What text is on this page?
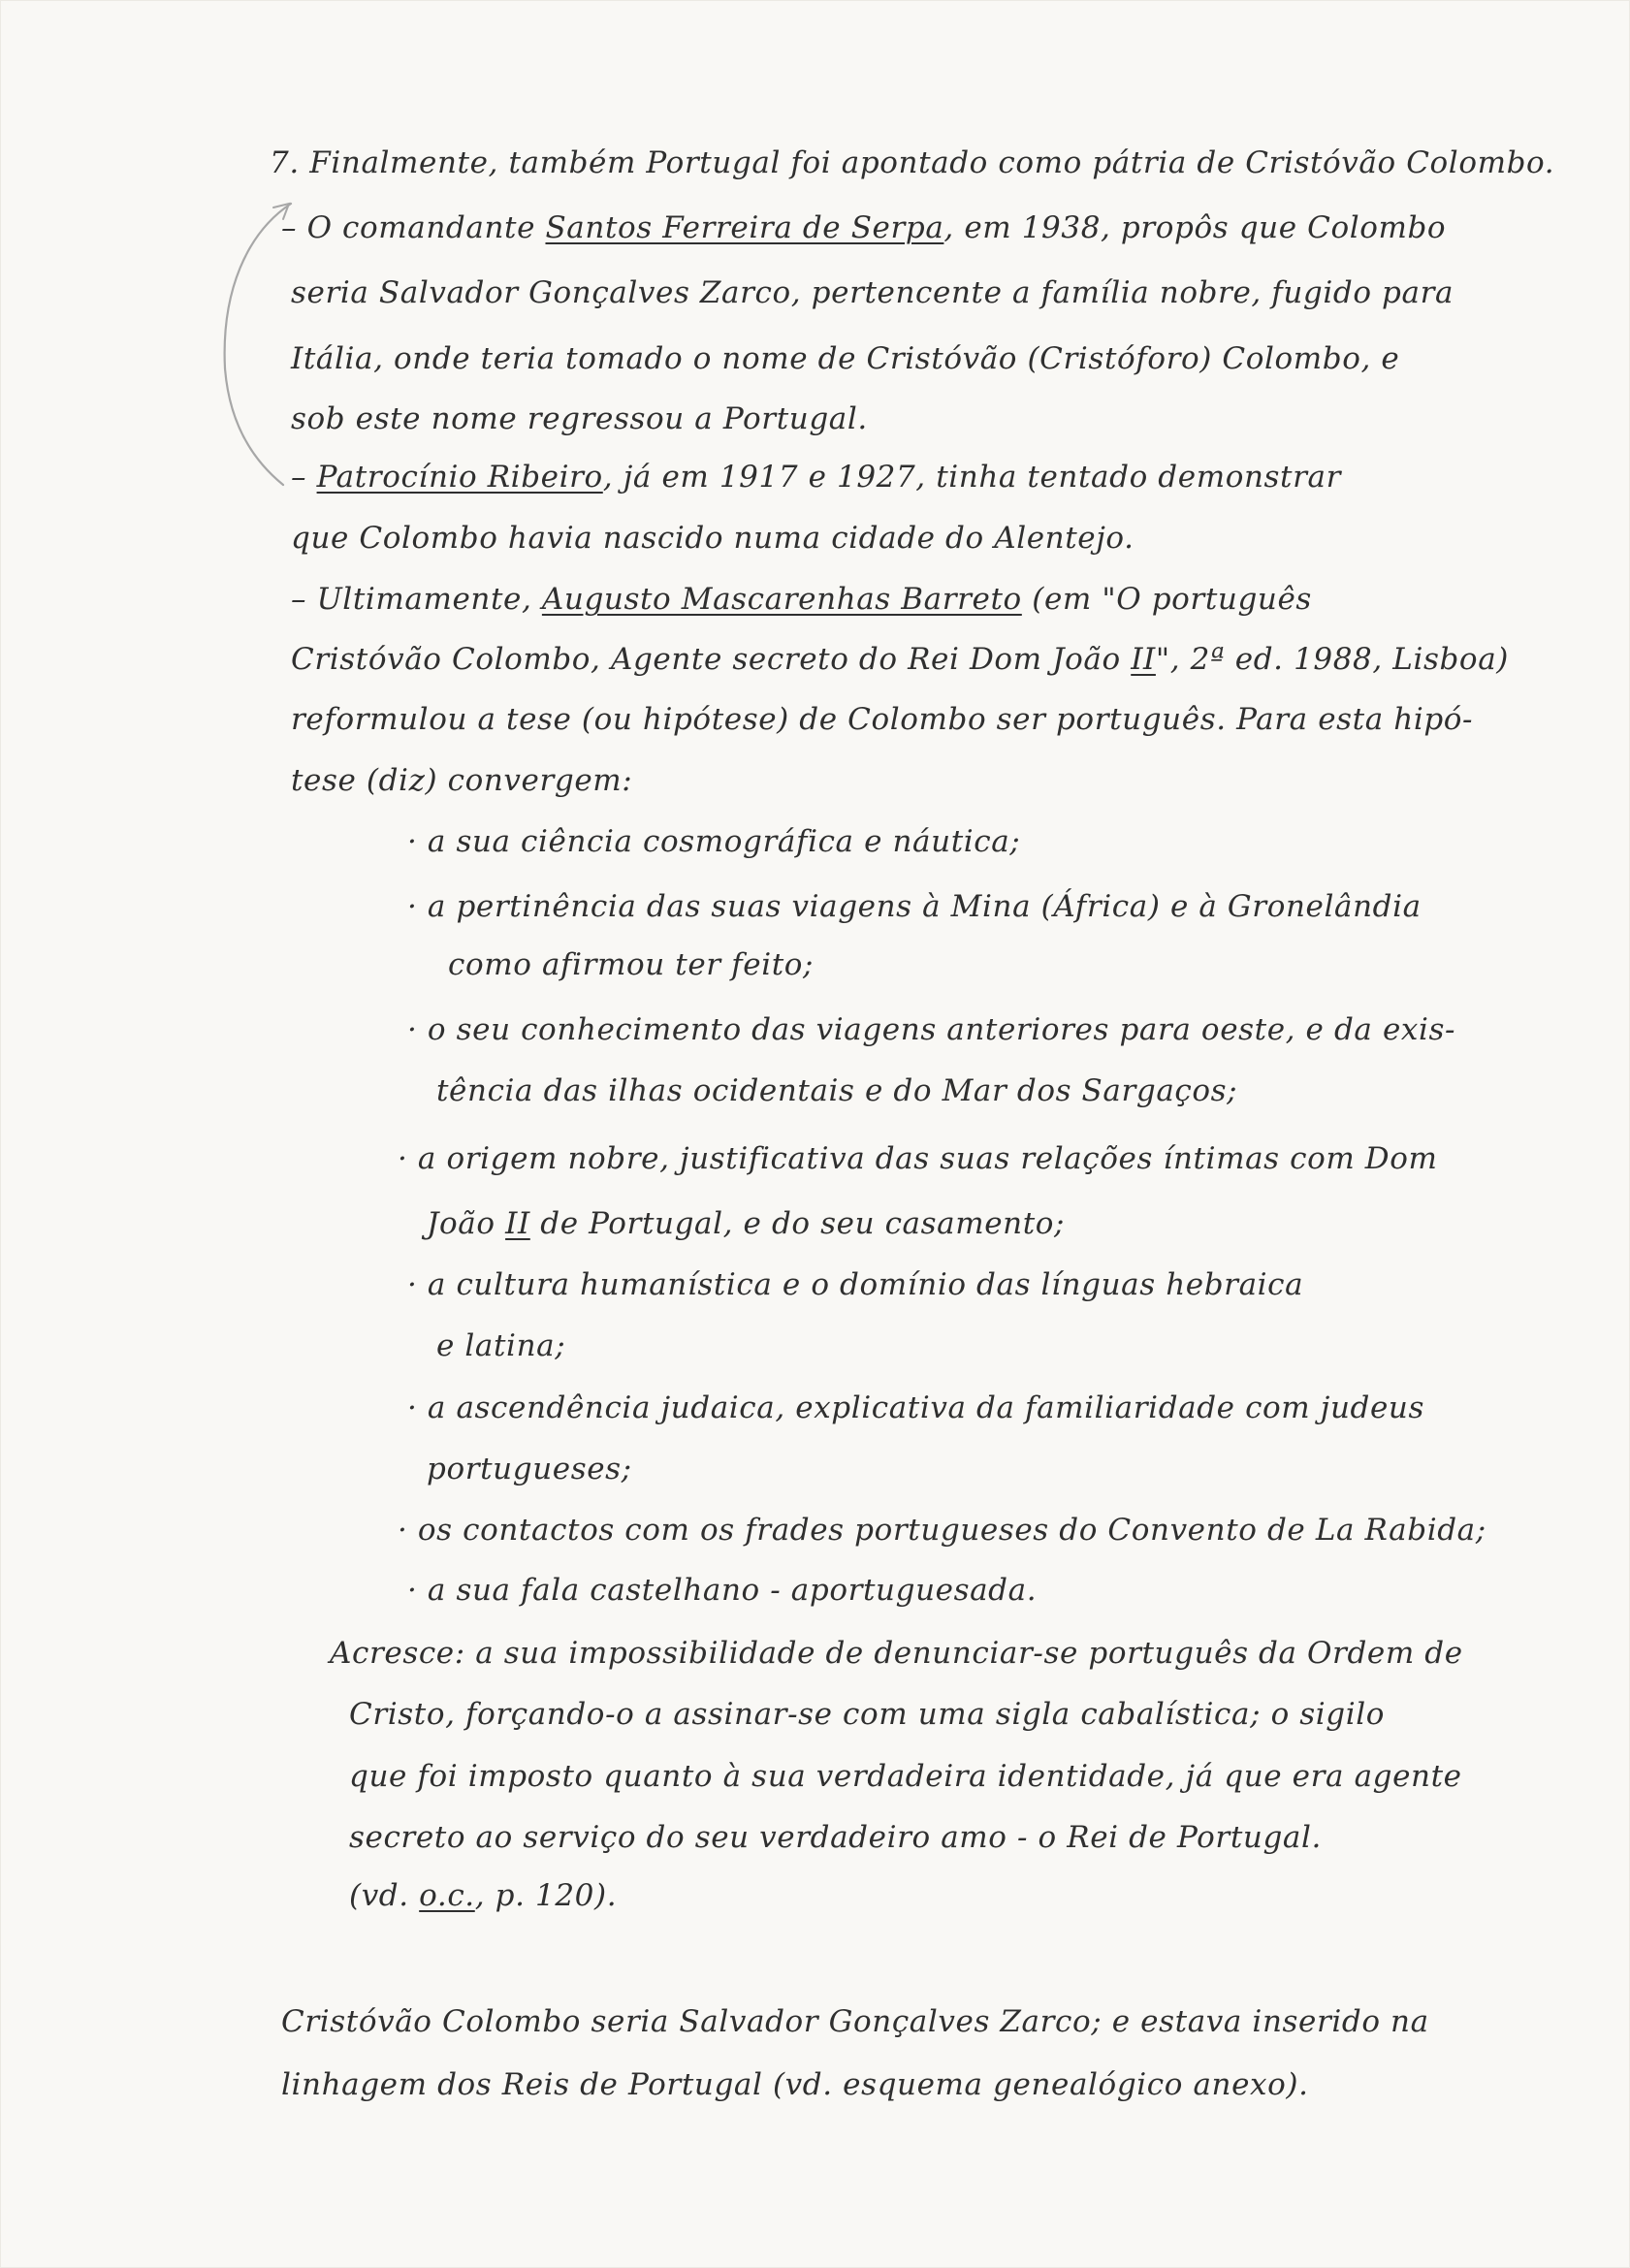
7. Finalmente, também Portugal foi apontado como pátria de Cristóvão Colombo.
– O comandante Santos Ferreira de Serpa, em 1938, propôs que Colombo
seria Salvador Gonçalves Zarco, pertencente a família nobre, fugido para
Itália, onde teria tomado o nome de Cristóvão (Cristóforo) Colombo, e
sob este nome regressou a Portugal.
– Patrocínio Ribeiro, já em 1917 e 1927, tinha tentado demonstrar
que Colombo havia nascido numa cidade do Alentejo.
– Ultimamente, Augusto Mascarenhas Barreto (em "O português
Cristóvão Colombo, Agente secreto do Rei Dom João II", 2ª ed. 1988, Lisboa)
reformulou a tese (ou hipótese) de Colombo ser português. Para esta hipó-
tese (diz) convergem:
· a sua ciência cosmográfica e náutica;
· a pertinência das suas viagens à Mina (África) e à Gronelândia
como afirmou ter feito;
· o seu conhecimento das viagens anteriores para oeste, e da exis-
tência das ilhas ocidentais e do Mar dos Sargaços;
· a origem nobre, justificativa das suas relações íntimas com Dom
João II de Portugal, e do seu casamento;
· a cultura humanística e o domínio das línguas hebraica
e latina;
· a ascendência judaica, explicativa da familiaridade com judeus
portugueses;
· os contactos com os frades portugueses do Convento de La Rabida;
· a sua fala castelhano - aportuguesada.
Acresce: a sua impossibilidade de denunciar-se português da Ordem de
Cristo, forçando-o a assinar-se com uma sigla cabalística; o sigilo
que foi imposto quanto à sua verdadeira identidade, já que era agente
secreto ao serviço do seu verdadeiro amo - o Rei de Portugal.
(vd. o.c., p. 120).
Cristóvão Colombo seria Salvador Gonçalves Zarco; e estava inserido na
linhagem dos Reis de Portugal (vd. esquema genealógico anexo).
